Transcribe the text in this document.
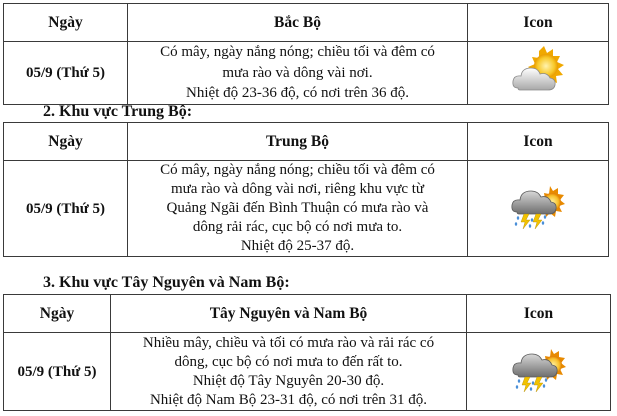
Ngày	Bắc Bộ	Icon
05/9 (Thứ 5)	Có mây, ngày nắng nóng; chiều tối và đêm có
mưa rào và dông vài nơi.
Nhiệt độ 23-36 độ, có nơi trên 36 độ.

2. Khu vực Trung Bộ:
Ngày	Trung Bộ	Icon
05/9 (Thứ 5)	Có mây, ngày nắng nóng; chiều tối và đêm có
mưa rào và dông vài nơi, riêng khu vực từ
Quảng Ngãi đến Bình Thuận có mưa rào và
dông rải rác, cục bộ có nơi mưa to.
Nhiệt độ 25-37 độ.

3. Khu vực Tây Nguyên và Nam Bộ:
Ngày	Tây Nguyên và Nam Bộ	Icon
05/9 (Thứ 5)	Nhiều mây, chiều và tối có mưa rào và rải rác có
dông, cục bộ có nơi mưa to đến rất to.
Nhiệt độ Tây Nguyên 20-30 độ.
Nhiệt độ Nam Bộ 23-31 độ, có nơi trên 31 độ.
